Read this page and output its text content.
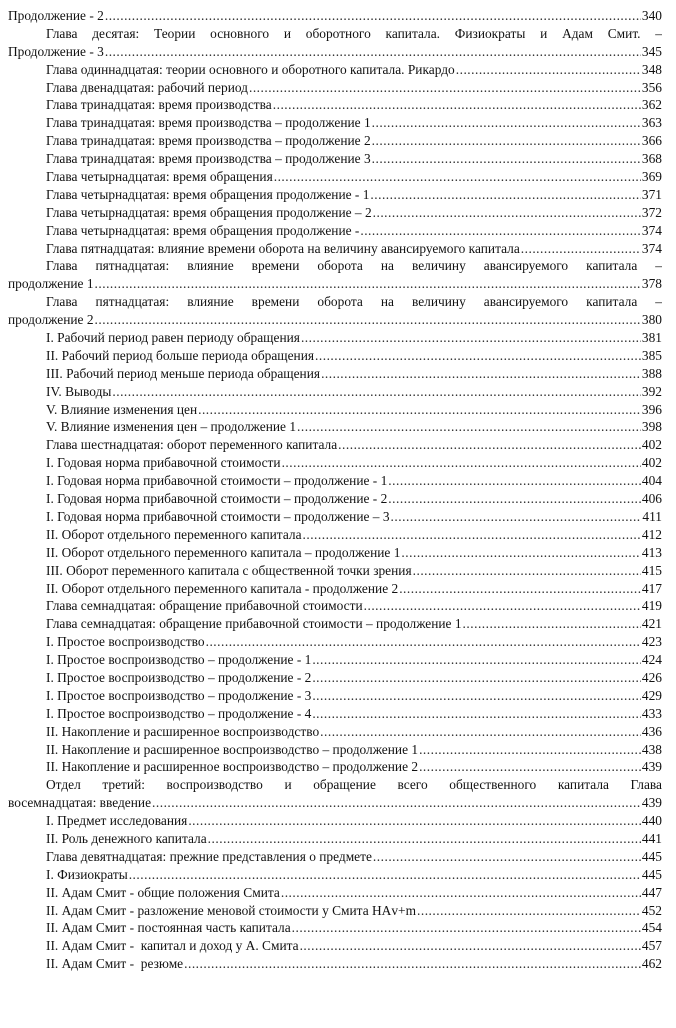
Продолжение - 2 .....	340
Глава десятая: Теории основного и оборотного капитала. Физиократы и Адам Смит. –
Продолжение - 3 .....	345
Глава одиннадцатая: теории основного и оборотного капитала. Рикардо .....	348
Глава двенадцатая: рабочий период .....	356
Глава тринадцатая: время производства .....	362
Глава тринадцатая: время производства – продолжение 1 .....	363
Глава тринадцатая: время производства – продолжение 2 .....	366
Глава тринадцатая: время производства – продолжение 3 .....	368
Глава четырнадцатая: время обращения .....	369
Глава четырнадцатая: время обращения продолжение - 1 .....	371
Глава четырнадцатая: время обращения продолжение – 2 .....	372
Глава четырнадцатая: время обращения продолжение - .....	374
Глава пятнадцатая: влияние времени оборота на величину авансируемого капитала .....	374
Глава пятнадцатая: влияние времени оборота на величину авансируемого капитала –
продолжение 1 .....	378
Глава пятнадцатая: влияние времени оборота на величину авансируемого капитала –
продолжение 2 .....	380
I. Рабочий период равен периоду обращения .....	381
II. Рабочий период больше периода обращения .....	385
III. Рабочий период меньше периода обращения .....	388
IV. Выводы .....	392
V. Влияние изменения цен .....	396
V. Влияние изменения цен – продолжение 1 .....	398
Глава шестнадцатая: оборот переменного капитала .....	402
I. Годовая норма прибавочной стоимости .....	402
I. Годовая норма прибавочной стоимости – продолжение - 1 .....	404
I. Годовая норма прибавочной стоимости – продолжение - 2 .....	406
I. Годовая норма прибавочной стоимости – продолжение – 3 .....	411
II. Оборот отдельного переменного капитала .....	412
II. Оборот отдельного переменного капитала – продолжение 1 .....	413
III. Оборот переменного капитала с общественной точки зрения .....	415
II. Оборот отдельного переменного капитала - продолжение 2 .....	417
Глава семнадцатая: обращение прибавочной стоимости .....	419
Глава семнадцатая: обращение прибавочной стоимости – продолжение 1 .....	421
I. Простое воспроизводство .....	423
I. Простое воспроизводство – продолжение - 1 .....	424
I. Простое воспроизводство – продолжение - 2 .....	426
I. Простое воспроизводство – продолжение - 3 .....	429
I. Простое воспроизводство – продолжение - 4 .....	433
II. Накопление и расширенное воспроизводство .....	436
II. Накопление и расширенное воспроизводство – продолжение 1 .....	438
II. Накопление и расширенное воспроизводство – продолжение 2 .....	439
Отдел третий: воспроизводство и обращение всего общественного капитала Глава
восемнадцатая: введение .....	439
I. Предмет исследования .....	440
II. Роль денежного капитала .....	441
Глава девятнадцатая: прежние представления о предмете .....	445
I. Физиократы .....	445
II. Адам Смит - общие положения Смита .....	447
II. Адам Смит - разложение меновой стоимости у Смита НАv+m .....	452
II. Адам Смит - постоянная часть капитала .....	454
II. Адам Смит -  капитал и доход у А. Смита .....	457
II. Адам Смит -  резюме .....	462
